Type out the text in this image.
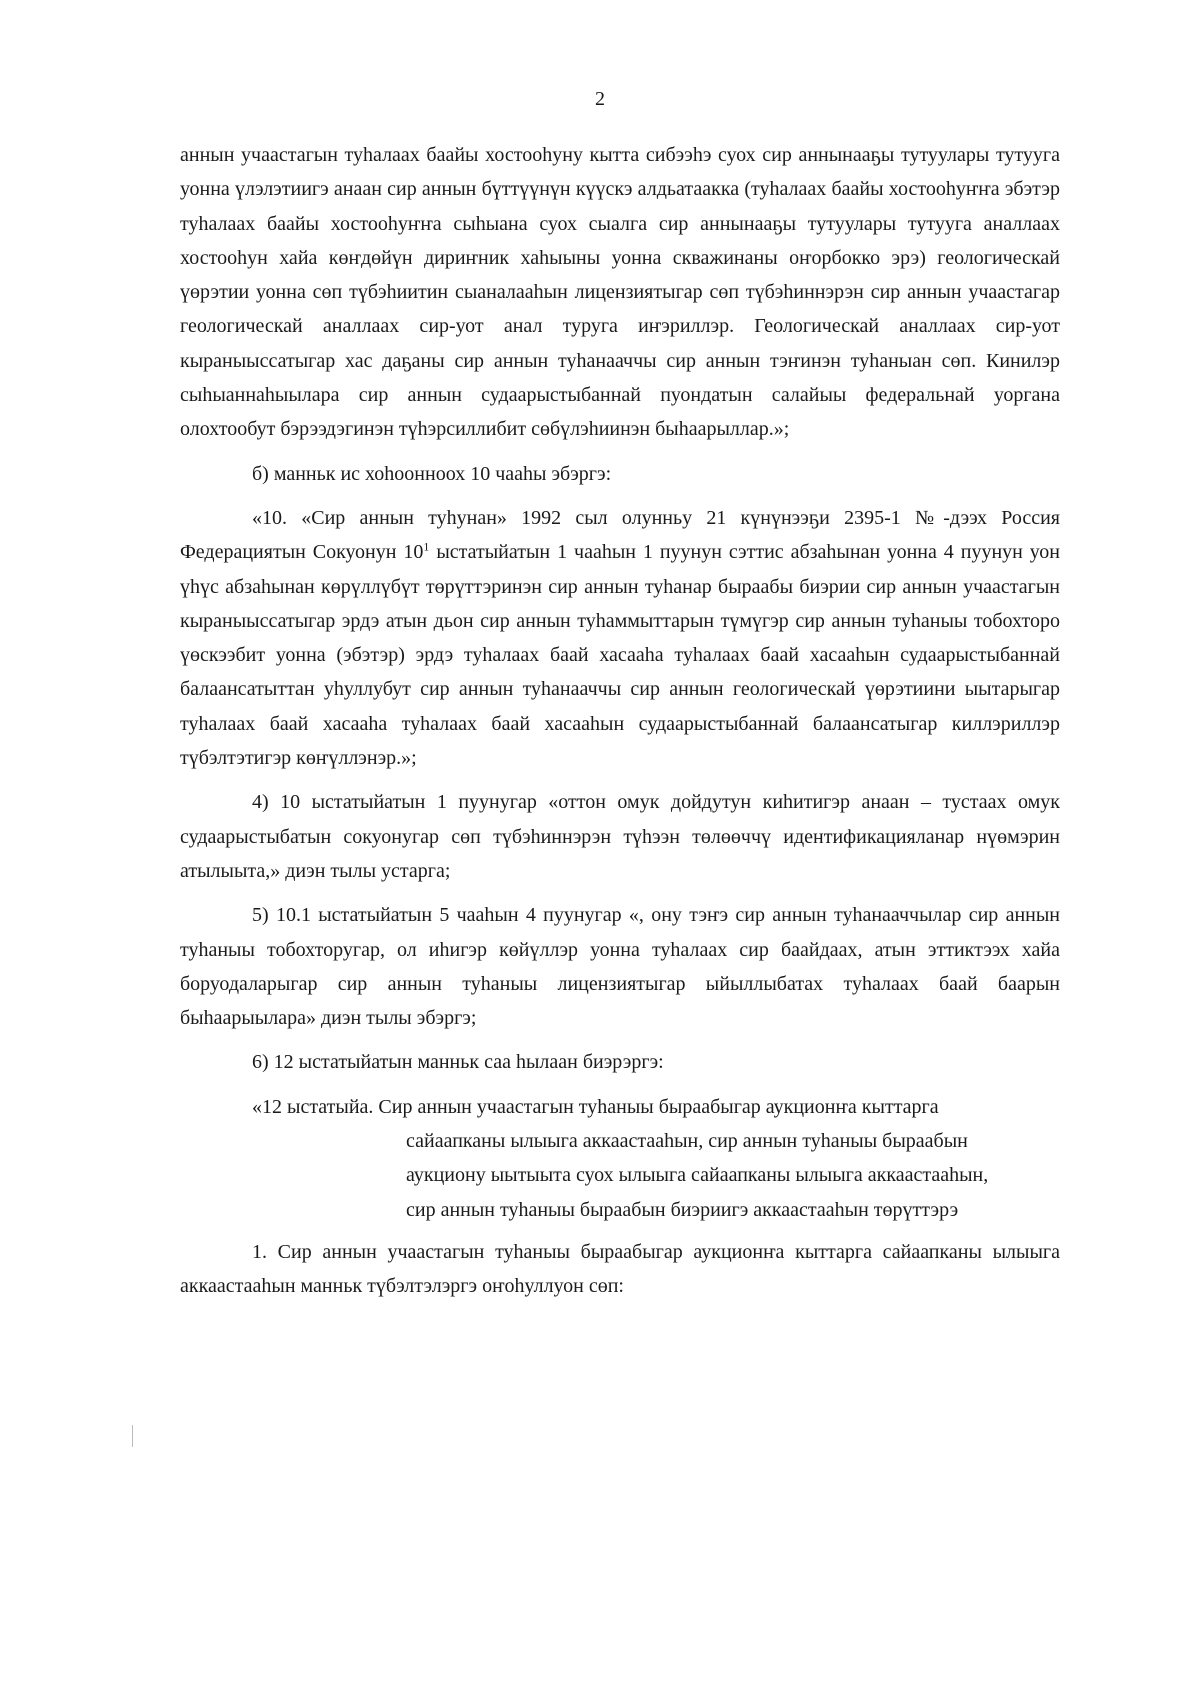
2

аннын учаастагын туһалаах баайы хостооһуну кытта сибээһэ суох сир аннынааҕы тутуулары тутууга уонна үлэлэтиигэ анаан сир аннын бүттүүнүн күүскэ алдьатаакка (туһалаах баайы хостооһуҥҥа эбэтэр туһалаах баайы хостооһуҥҥа сыһыана суох сыалга сир аннынааҕы тутуулары тутууга аналлаах хостооһун хайа көҥдөйүн дириҥник хаһыыны уонна скважинаны оҥорбокко эрэ) геологическай үөрэтии уонна сөп түбэһиитин сыаналааһын лицензиятыгар сөп түбэһиннэрэн сир аннын учаастагар геологическай аналлаах сир-уот анал туруга иҥэриллэр. Геологическай аналлаах сир-уот кыраныыссатыгар хас даҕаны сир аннын туһанааччы сир аннын тэҥинэн туһаныан сөп. Кинилэр сыһыаннаһыылара сир аннын судаарыстыбаннай пуондатын салайыы федеральнай уоргана олохтообут бэрээдэгинэн түһэрсиллибит сөбүлэһиинэн быһаарыллар.»;

б) манньк ис хоһоонноох 10 чааһы эбэргэ:

«10. «Сир аннын туһунан» 1992 сыл олунньу 21 күнүнээҕи 2395-1 №-дээх Россия Федерациятын Сокуонун $10^1$ ыстатыйатын 1 чааһын 1 пуунун сэттис абзаһынан уонна 4 пуунун уон үһүс абзаһынан көрүллүбүт төрүттэринэн сир аннын туһанар быраабы биэрии сир аннын учаастагын кыраныыссатыгар эрдэ атын дьон сир аннын туһаммыттарын түмүгэр сир аннын туһаныы тобохторо үөскээбит уонна (эбэтэр) эрдэ туһалаах баай хасааһа туһалаах баай хасааһын судаарыстыбаннай балаансатыттан уһуллубут сир аннын туһанааччы сир аннын геологическай үөрэтиини ыытарыгар туһалаах баай хасааһа туһалаах баай хасааһын судаарыстыбаннай балаансатыгар киллэриллэр түбэлтэтигэр көҥүллэнэр.»;

4) 10 ыстатыйатын 1 пуунугар «оттон омук дойдутун киһитигэр анаан – тустаах омук судаарыстыбатын сокуонугар сөп түбэһиннэрэн түһээн төлөөччү идентификацияланар нүөмэрин атылыыта,» диэн тылы устарга;

5) 10.1 ыстатыйатын 5 чааһын 4 пуунугар «, ону тэҥэ сир аннын туһанааччылар сир аннын туһаныы тобохторугар, ол иһигэр көйүллэр уонна туһалаах сир баайдаах, атын эттиктээх хайа боруодаларыгар сир аннын туһаныы лицензиятыгар ыйыллыбатах туһалаах баай баарын быһаарыылара» диэн тылы эбэргэ;

6) 12 ыстатыйатын манньк саа һылаан биэрэргэ:

«12 ыстатыйа. Сир аннын учаастагын туһаныы быраабыгар аукционҥа кыттарга

сайаапканы ылыыга аккаастааһын, сир аннын туһаныы быраабын

аукциону ыытыыта суох ылыыга сайаапканы ылыыга аккаастааһын,

сир аннын туһаныы быраабын биэриигэ аккаастааһын төрүттэрэ

1. Сир аннын учаастагын туһаныы быраабыгар аукционҥа кыттарга сайаапканы ылыыга аккаастааһын манньк түбэлтэлэргэ оҥоһуллуон сөп:
